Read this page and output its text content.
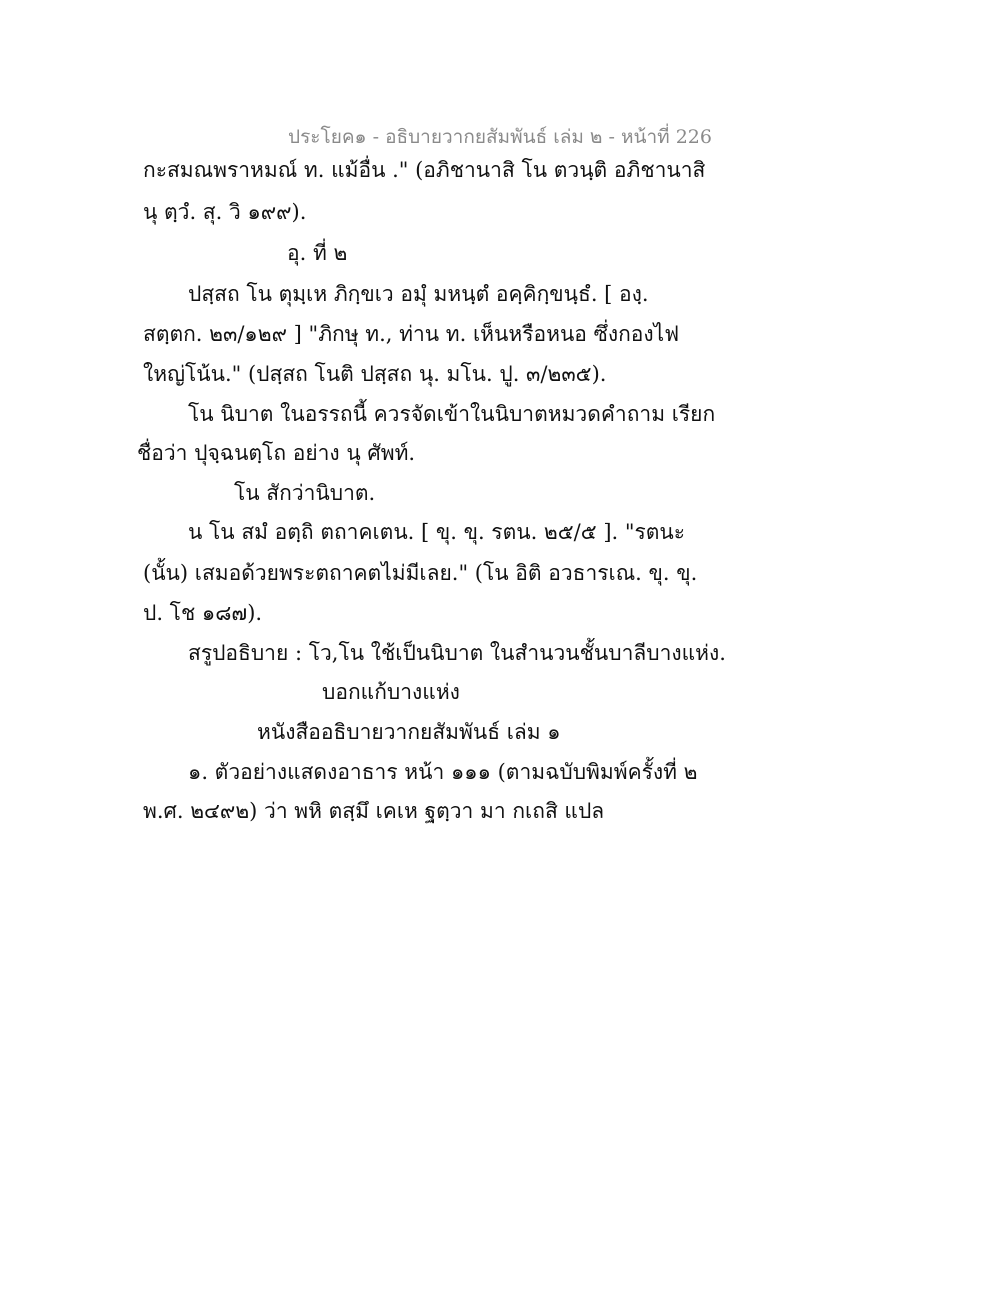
ประโยค๑ - อธิบายวากยสัมพันธ์ เล่ม ๒ - หน้าที่ 226
กะสมณพราหมณ์ ท. แม้อื่น ." (อภิชานาสิ โน ตวนฺติ อภิชานาสิ
นุ ตฺวํ. สุ. วิ ๑๙๙).
อุ. ที่ ๒
ปสฺสถ โน ตุมฺเห ภิกฺขเว อมุํ มหนฺตํ อคฺคิกฺขนฺธํ. [ องฺ.
สตฺตก. ๒๓/๑๒๙ ] "ภิกษุ ท., ท่าน ท. เห็นหรือหนอ ซึ่งกองไฟ
ใหญ่โน้น." (ปสฺสถ โนติ ปสฺสถ นุ. มโน. ปู. ๓/๒๓๕).
โน นิบาต ในอรรถนี้ ควรจัดเข้าในนิบาตหมวดคำถาม เรียก
ชื่อว่า ปุจฺฉนตฺโถ อย่าง นุ ศัพท์.
โน สักว่านิบาต.
น โน สมํ อตฺถิ ตถาคเตน. [ ขุ. ขุ. รตน. ๒๕/๕ ]. "รตนะ
(นั้น) เสมอด้วยพระตถาคตไม่มีเลย." (โน อิติ อวธารเณ. ขุ. ขุ.
ป. โช ๑๘๗).
สรูปอธิบาย : โว,โน ใช้เป็นนิบาต ในสำนวนชั้นบาลีบางแห่ง.
บอกแก้บางแห่ง
หนังสืออธิบายวากยสัมพันธ์ เล่ม ๑
๑. ตัวอย่างแสดงอาธาร หน้า ๑๑๑ (ตามฉบับพิมพ์ครั้งที่ ๒
พ.ศ. ๒๔๙๒) ว่า พหิ ตสฺมึ เคเห ฐตฺวา มา กเถสิ แปล
